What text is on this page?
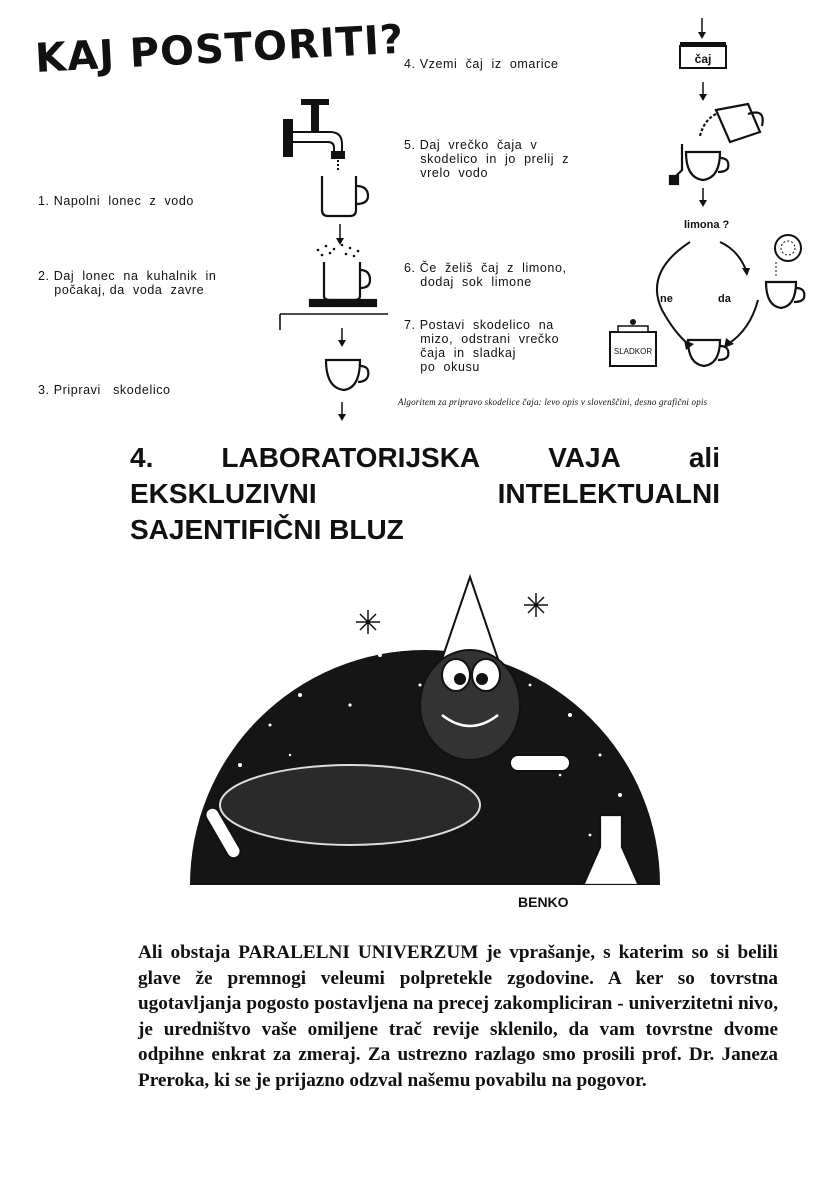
KAJ POSTORITI?
1. Napolni  lonec  z  vodo
2. Daj  lonec  na  kuhalnik  in
počakaj, da  voda  zavre
3. Pripravi   skodelico
4. Vzemi  čaj  iz  omarice
5. Daj  vrečko  čaja  v
skodelico  in  jo  prelij  z
vrelo  vodo
6. Če  želiš  čaj  z  limono,
dodaj  sok  limone
7. Postavi  skodelico  na
mizo,  odstrani  vrečko
čaja  in  sladkaj
po  okusu
čaj
limona ?
ne	da
SLADKOR
Algoritem za pripravo skodelice čaja: levo opis v slovenščini, desno grafični opis
4. LABORATORIJSKA VAJA ali
EKSKLUZIVNI	INTELEKTUALNI
SAJENTIFIČNI BLUZ
BENKO
Ali obstaja PARALELNI UNIVERZUM je vprašanje, s katerim so si belili glave že premnogi veleumi polpretekle zgodovine. A ker so tovrstna ugotavljanja pogosto postavljena na precej zakompliciran - univerzitetni nivo, je uredništvo vaše omiljene trač revije sklenilo, da vam tovrstne dvome odpihne enkrat za zmeraj. Za ustrezno razlago smo prosili prof. Dr. Janeza Preroka, ki se je prijazno odzval našemu povabilu na pogovor.
